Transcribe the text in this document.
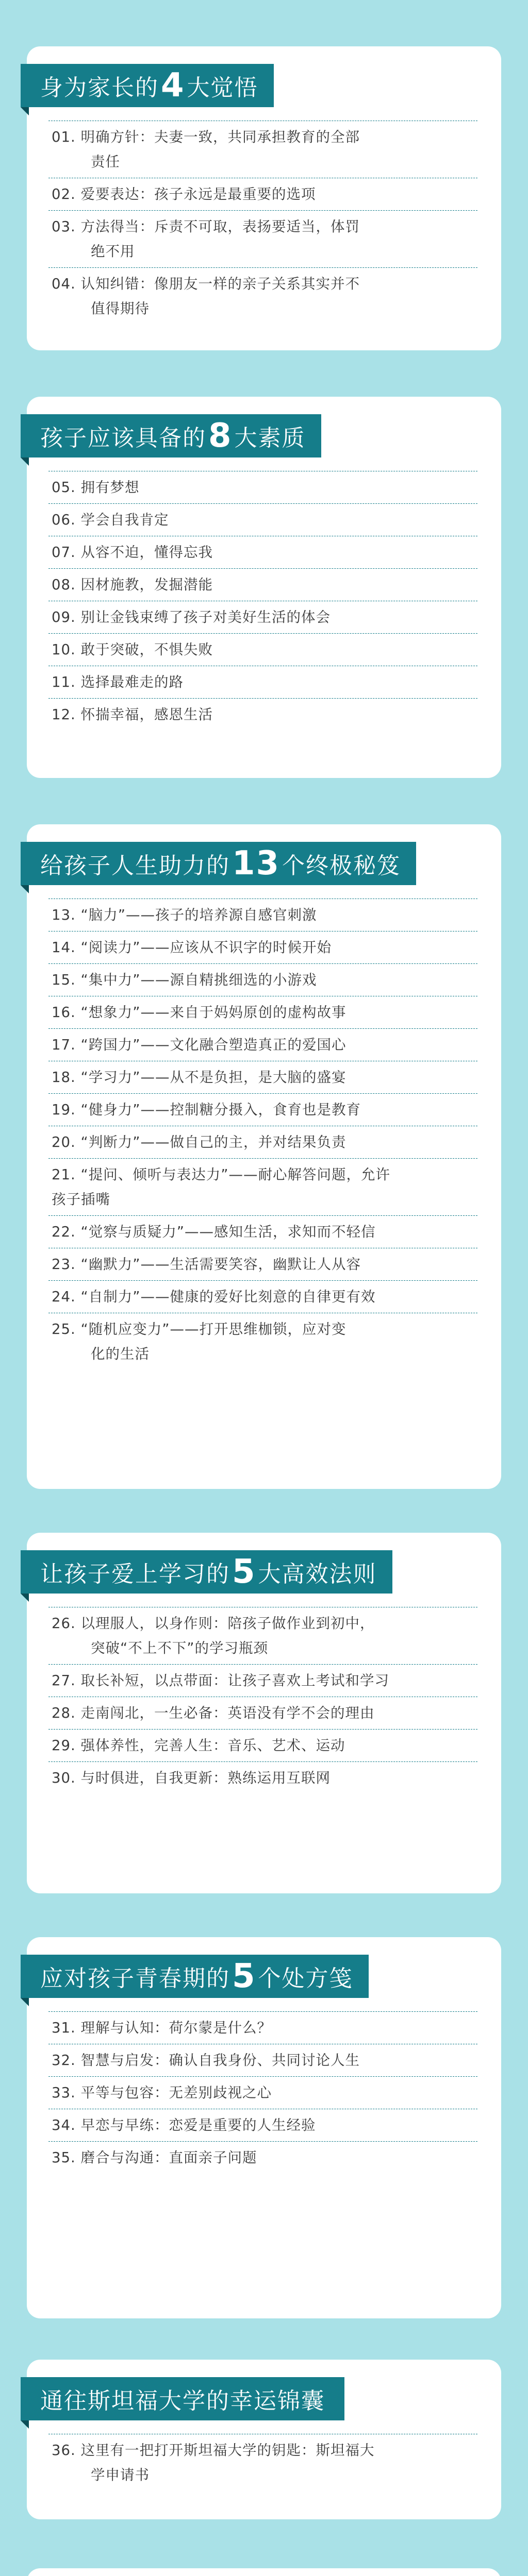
身为家长的 4 大觉悟
01. 明确方针：夫妻一致，共同承担教育的全部
责任
02. 爱要表达：孩子永远是最重要的选项
03. 方法得当：斥责不可取，表扬要适当，体罚
绝不用
04. 认知纠错：像朋友一样的亲子关系其实并不
值得期待
孩子应该具备的 8 大素质
05. 拥有梦想
06. 学会自我肯定
07. 从容不迫，懂得忘我
08. 因材施教，发掘潜能
09. 别让金钱束缚了孩子对美好生活的体会
10. 敢于突破，不惧失败
11. 选择最难走的路
12. 怀揣幸福，感恩生活
给孩子人生助力的 13 个终极秘笈
13. “脑力”——孩子的培养源自感官刺激
14. “阅读力”——应该从不识字的时候开始
15. “集中力”——源自精挑细选的小游戏
16. “想象力”——来自于妈妈原创的虚构故事
17. “跨国力”——文化融合塑造真正的爱国心
18. “学习力”——从不是负担，是大脑的盛宴
19. “健身力”——控制糖分摄入，食育也是教育
20. “判断力”——做自己的主，并对结果负责
21. “提问、倾听与表达力”——耐心解答问题，允许
孩子插嘴
22. “觉察与质疑力”——感知生活，求知而不轻信
23. “幽默力”——生活需要笑容，幽默让人从容
24. “自制力”——健康的爱好比刻意的自律更有效
25. “随机应变力”——打开思维枷锁，应对变
化的生活
让孩子爱上学习的 5 大高效法则
26. 以理服人，以身作则：陪孩子做作业到初中，
突破“不上不下”的学习瓶颈
27. 取长补短，以点带面：让孩子喜欢上考试和学习
28. 走南闯北，一生必备：英语没有学不会的理由
29. 强体养性，完善人生：音乐、艺术、运动
30. 与时俱进，自我更新：熟练运用互联网
应对孩子青春期的 5 个处方笺
31. 理解与认知：荷尔蒙是什么？
32. 智慧与启发：确认自我身份、共同讨论人生
33. 平等与包容：无差别歧视之心
34. 早恋与早练：恋爱是重要的人生经验
35. 磨合与沟通：直面亲子问题
通往斯坦福大学的幸运锦囊
36. 这里有一把打开斯坦福大学的钥匙：斯坦福大
学申请书
